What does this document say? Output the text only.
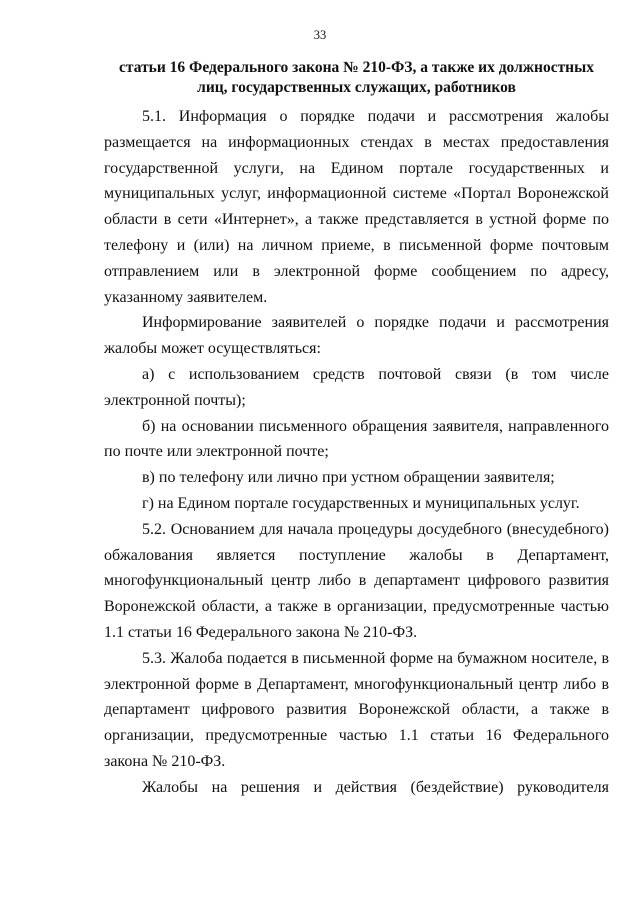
33
статьи 16 Федерального закона № 210-ФЗ, а также их должностных лиц, государственных служащих, работников

5.1. Информация о порядке подачи и рассмотрения жалобы размещается на информационных стендах в местах предоставления государственной услуги, на Едином портале государственных и муниципальных услуг, информационной системе «Портал Воронежской области в сети «Интернет», а также представляется в устной форме по телефону и (или) на личном приеме, в письменной форме почтовым отправлением или в электронной форме сообщением по адресу, указанному заявителем.

Информирование заявителей о порядке подачи и рассмотрения жалобы может осуществляться:

а) с использованием средств почтовой связи (в том числе электронной почты);

б) на основании письменного обращения заявителя, направленного по почте или электронной почте;

в) по телефону или лично при устном обращении заявителя;

г) на Едином портале государственных и муниципальных услуг.

5.2. Основанием для начала процедуры досудебного (внесудебного) обжалования является поступление жалобы в Департамент, многофункциональный центр либо в департамент цифрового развития Воронежской области, а также в организации, предусмотренные частью 1.1 статьи 16 Федерального закона № 210-ФЗ.

5.3. Жалоба подается в письменной форме на бумажном носителе, в электронной форме в Департамент, многофункциональный центр либо в департамент цифрового развития Воронежской области, а также в организации, предусмотренные частью 1.1 статьи 16 Федерального закона № 210-ФЗ.

Жалобы на решения и действия (бездействие) руководителя
